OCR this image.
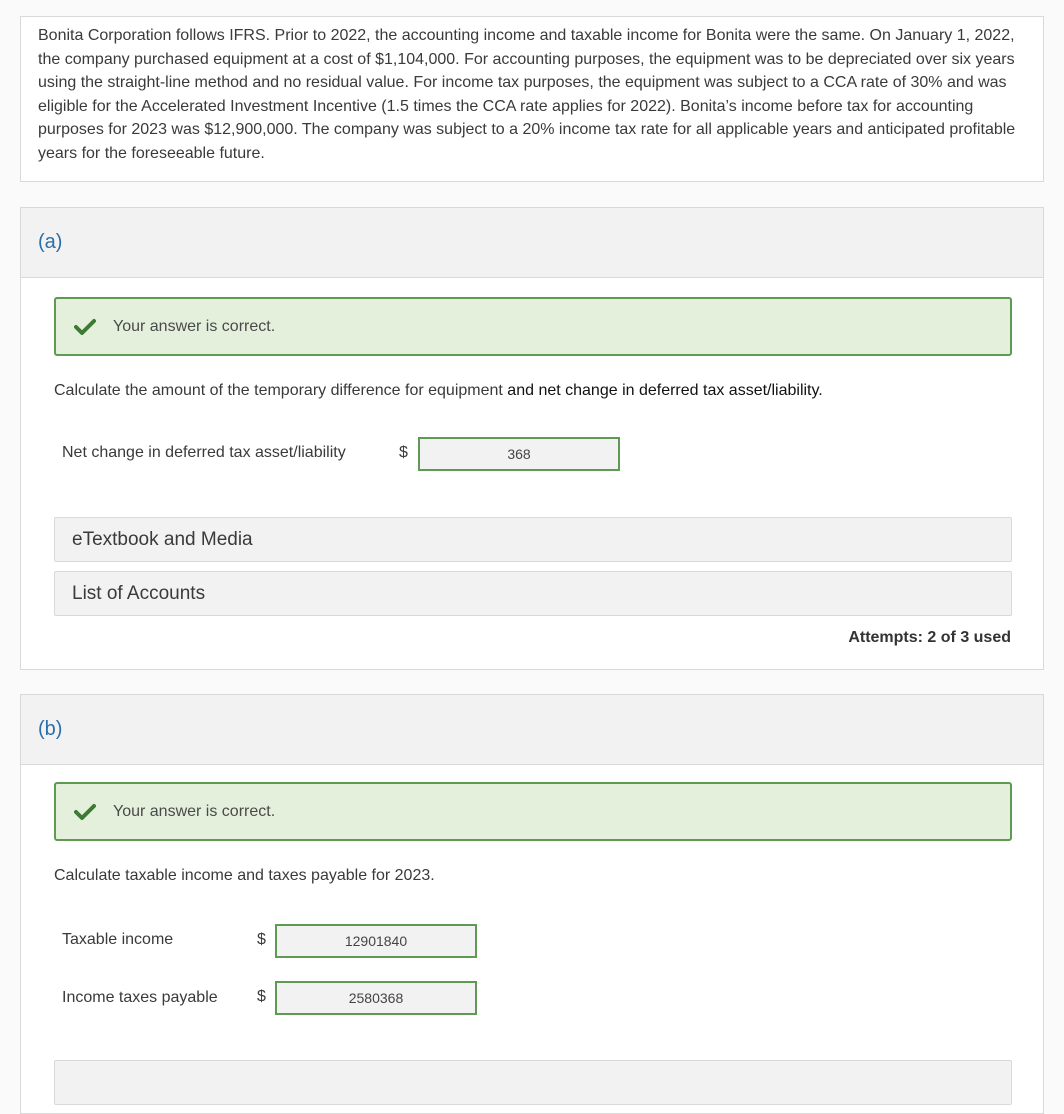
Bonita Corporation follows IFRS. Prior to 2022, the accounting income and taxable income for Bonita were the same. On January 1, 2022, the company purchased equipment at a cost of $1,104,000. For accounting purposes, the equipment was to be depreciated over six years using the straight-line method and no residual value. For income tax purposes, the equipment was subject to a CCA rate of 30% and was eligible for the Accelerated Investment Incentive (1.5 times the CCA rate applies for 2022). Bonita’s income before tax for accounting purposes for 2023 was $12,900,000. The company was subject to a 20% income tax rate for all applicable years and anticipated profitable years for the foreseeable future.

(a)
Your answer is correct.
Calculate the amount of the temporary difference for equipment and net change in deferred tax asset/liability.
Net change in deferred tax asset/liability	$	368
eTextbook and Media
List of Accounts
Attempts: 2 of 3 used
(b)
Your answer is correct.
Calculate taxable income and taxes payable for 2023.
Taxable income	$	12901840
Income taxes payable $	2580368
